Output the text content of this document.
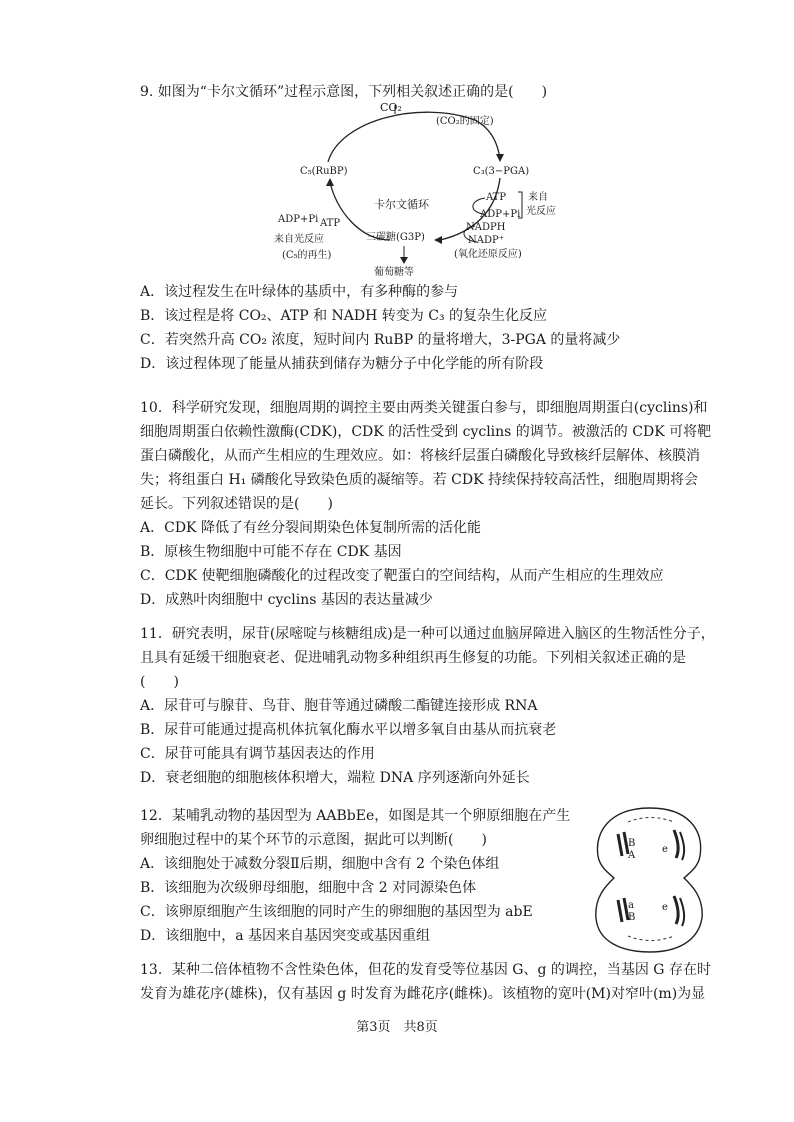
9. 如图为“卡尔文循环”过程示意图，下列相关叙述正确的是(　　)
CO₂
(CO₂的固定)
C₅(RuBP)	C₃(3−PGA)
卡尔文循环
ATP
ADP+Pi
来自
光反应
NADPH
NADP⁺
(氧化还原反应)
ADP+Pi ATP
来自光反应
(C₅的再生)
三碳糖(G3P)
葡萄糖等
A．该过程发生在叶绿体的基质中，有多种酶的参与
B．该过程是将 CO₂、ATP 和 NADH 转变为 C₃ 的复杂生化反应
C．若突然升高 CO₂ 浓度，短时间内 RuBP 的量将增大，3-PGA 的量将减少
D．该过程体现了能量从捕获到储存为糖分子中化学能的所有阶段
10．科学研究发现，细胞周期的调控主要由两类关键蛋白参与，即细胞周期蛋白(cyclins)和
细胞周期蛋白依赖性激酶(CDK)，CDK 的活性受到 cyclins 的调节。被激活的 CDK 可将靶
蛋白磷酸化，从而产生相应的生理效应。如：将核纤层蛋白磷酸化导致核纤层解体、核膜消
失；将组蛋白 H₁ 磷酸化导致染色质的凝缩等。若 CDK 持续保持较高活性，细胞周期将会
延长。下列叙述错误的是(　　)
A．CDK 降低了有丝分裂间期染色体复制所需的活化能
B．原核生物细胞中可能不存在 CDK 基因
C．CDK 使靶细胞磷酸化的过程改变了靶蛋白的空间结构，从而产生相应的生理效应
D．成熟叶肉细胞中 cyclins 基因的表达量减少
11．研究表明，尿苷(尿嘧啶与核糖组成)是一种可以通过血脑屏障进入脑区的生物活性分子，
且具有延缓干细胞衰老、促进哺乳动物多种组织再生修复的功能。下列相关叙述正确的是
(　　)
A．尿苷可与腺苷、鸟苷、胞苷等通过磷酸二酯键连接形成 RNA
B．尿苷可能通过提高机体抗氧化酶水平以增多氧自由基从而抗衰老
C．尿苷可能具有调节基因表达的作用
D．衰老细胞的细胞核体积增大，端粒 DNA 序列逐渐向外延长
12．某哺乳动物的基因型为 AABbEe，如图是其一个卵原细胞在产生
卵细胞过程中的某个环节的示意图，据此可以判断(　　)
A．该细胞处于减数分裂Ⅱ后期，细胞中含有 2 个染色体组
B．该细胞为次级卵母细胞，细胞中含 2 对同源染色体
C．该卵原细胞产生该细胞的同时产生的卵细胞的基因型为 abE
D．该细胞中，a 基因来自基因突变或基因重组
B
A
e
a
B
e
13．某种二倍体植物不含性染色体，但花的发育受等位基因 G、g 的调控，当基因 G 存在时
发育为雄花序(雄株)，仅有基因 g 时发育为雌花序(雌株)。该植物的宽叶(M)对窄叶(m)为显
第3页　共8页
